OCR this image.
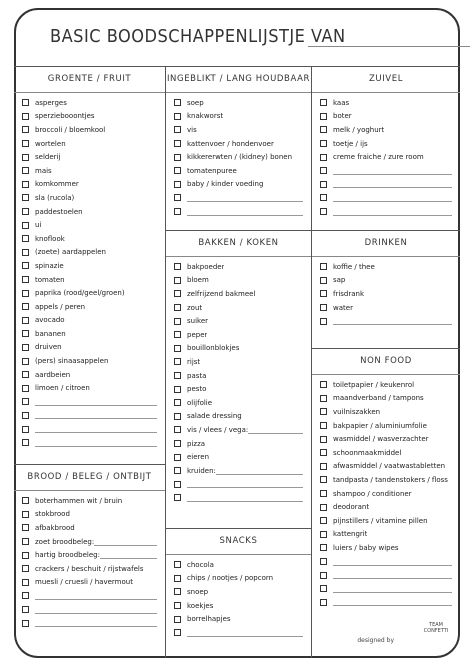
BASIC BOODSCHAPPENLIJSTJE VAN
GROENTE / FRUIT
asperges
sperziebooontjes
broccoli / bloemkool
wortelen
selderij
mais
komkommer
sla (rucola)
paddestoelen
ui
knoflook
(zoete) aardappelen
spinazie
tomaten
paprika (rood/geel/groen)
appels / peren
avocado
bananen
druiven
(pers) sinaasappelen
aardbeien
limoen / citroen
BROOD / BELEG / ONTBIJT
boterhammen wit / bruin
stokbrood
afbakbrood
zoet broodbeleg:
hartig broodbeleg:
crackers / beschuit / rijstwafels
muesli / cruesli / havermout
INGEBLIKT / LANG HOUDBAAR
soep
knakworst
vis
kattenvoer / hondenvoer
kikkererwten / (kidney) bonen
tomatenpuree
baby / kinder voeding
BAKKEN / KOKEN
bakpoeder
bloem
zelfrijzend bakmeel
zout
suiker
peper
bouillonblokjes
rijst
pasta
pesto
olijfolie
salade dressing
vis / vlees / vega:
pizza
eieren
kruiden:
SNACKS
chocola
chips / nootjes / popcorn
snoep
koekjes
borrelhapjes
ZUIVEL
kaas
boter
melk / yoghurt
toetje / ijs
creme fraiche / zure room
DRINKEN
koffie / thee
sap
frisdrank
water
NON FOOD
toiletpapier / keukenrol
maandverband / tampons
vuilniszakken
bakpapier / aluminiumfolie
wasmiddel / wasverzachter
schoonmaakmiddel
afwasmiddel / vaatwastabletten
tandpasta / tandenstokers / floss
shampoo / conditioner
deodorant
pijnstillers / vitamine pillen
kattengrit
luiers / baby wipes
designed by
TEAM CONFETTI
